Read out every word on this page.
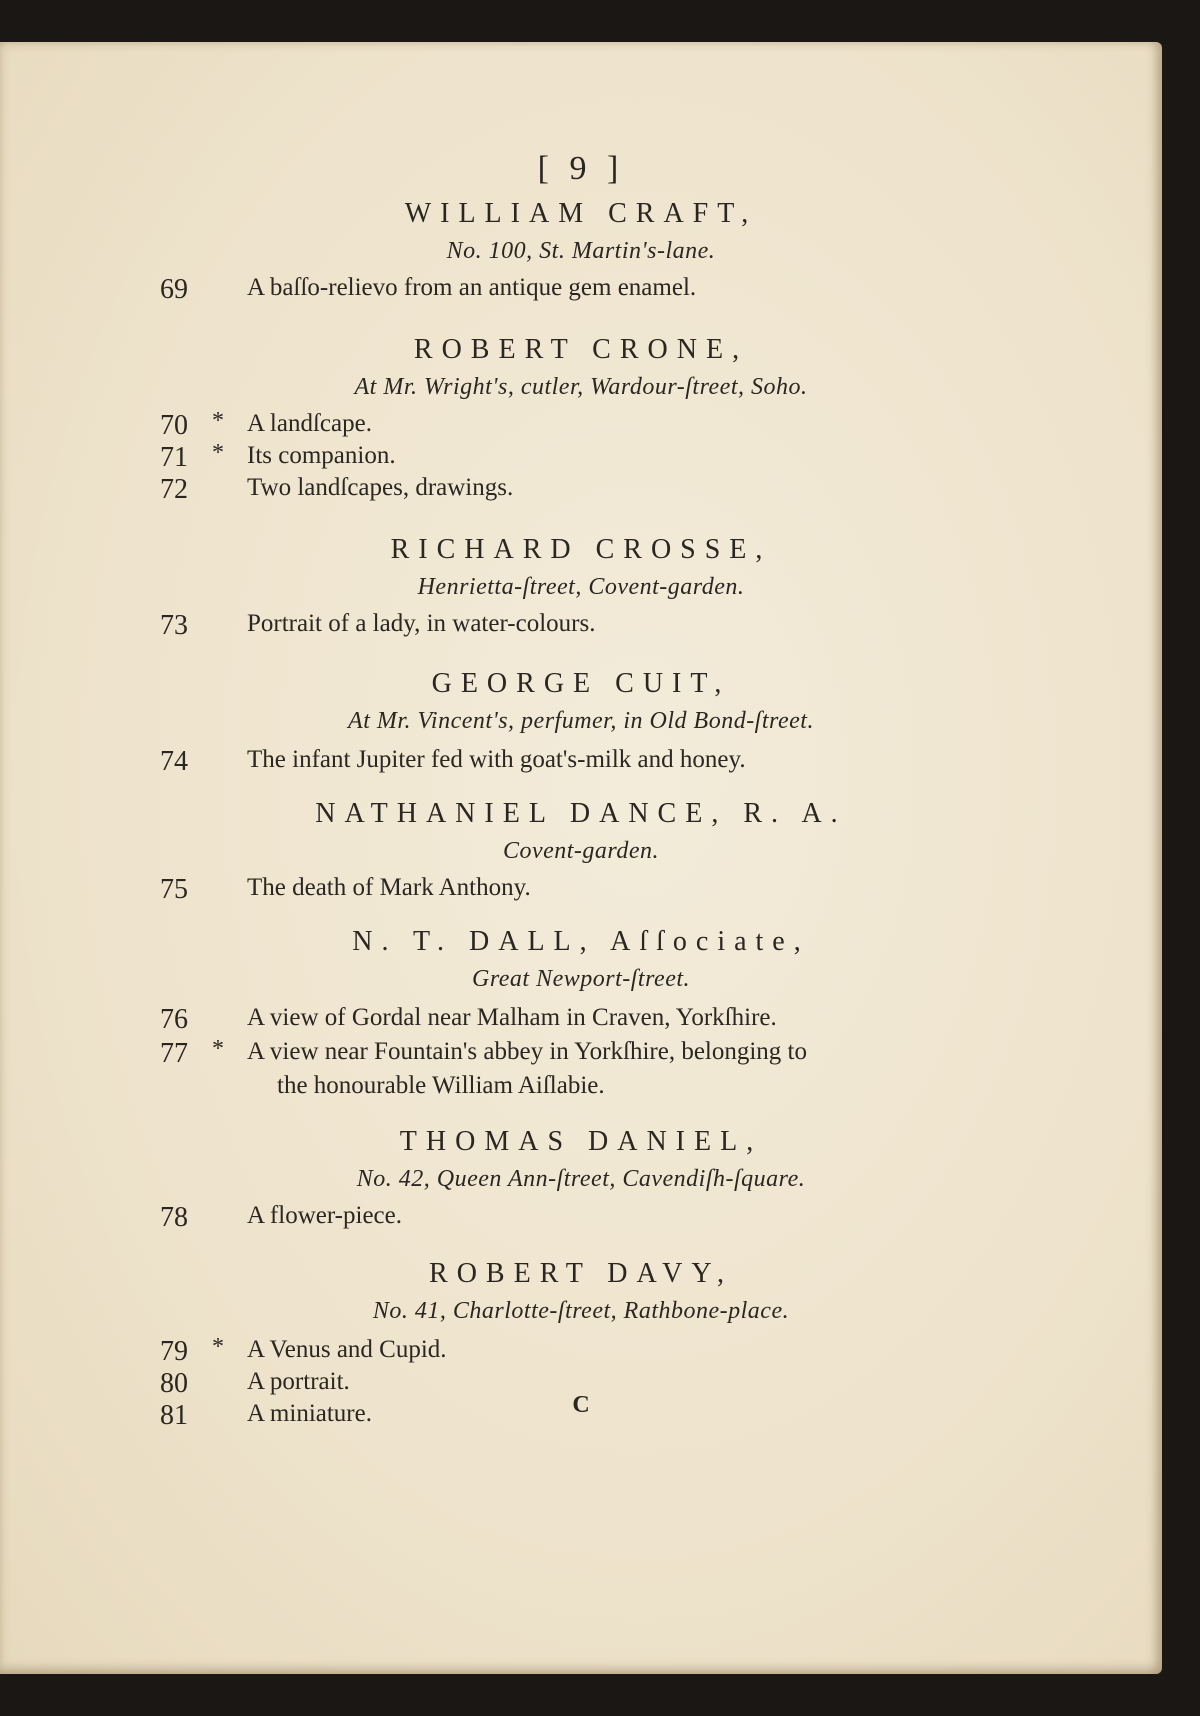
[ 9 ]
WILLIAM CRAFT,
No. 100, St. Martin's-lane.
69	A baſſo-relievo from an antique gem enamel.
ROBERT CRONE,
At Mr. Wright's, cutler, Wardour-ſtreet, Soho.
70	* A landſcape.
71	* Its companion.
72	Two landſcapes, drawings.
RICHARD CROSSE,
Henrietta-ſtreet, Covent-garden.
73	Portrait of a lady, in water-colours.
GEORGE CUIT,
At Mr. Vincent's, perfumer, in Old Bond-ſtreet.
74	The infant Jupiter fed with goat's-milk and honey.
NATHANIEL DANCE, R. A.
Covent-garden.
75	The death of Mark Anthony.
N. T. DALL, Aſſociate,
Great Newport-ſtreet.
76	A view of Gordal near Malham in Craven, Yorkſhire.
77	* A view near Fountain's abbey in Yorkſhire, belonging to
the honourable William Aiſlabie.
THOMAS DANIEL,
No. 42, Queen Ann-ſtreet, Cavendiſh-ſquare.
78	A flower-piece.
ROBERT DAVY,
No. 41, Charlotte-ſtreet, Rathbone-place.
79	* A Venus and Cupid.
80	A portrait.
81	A miniature.	C
